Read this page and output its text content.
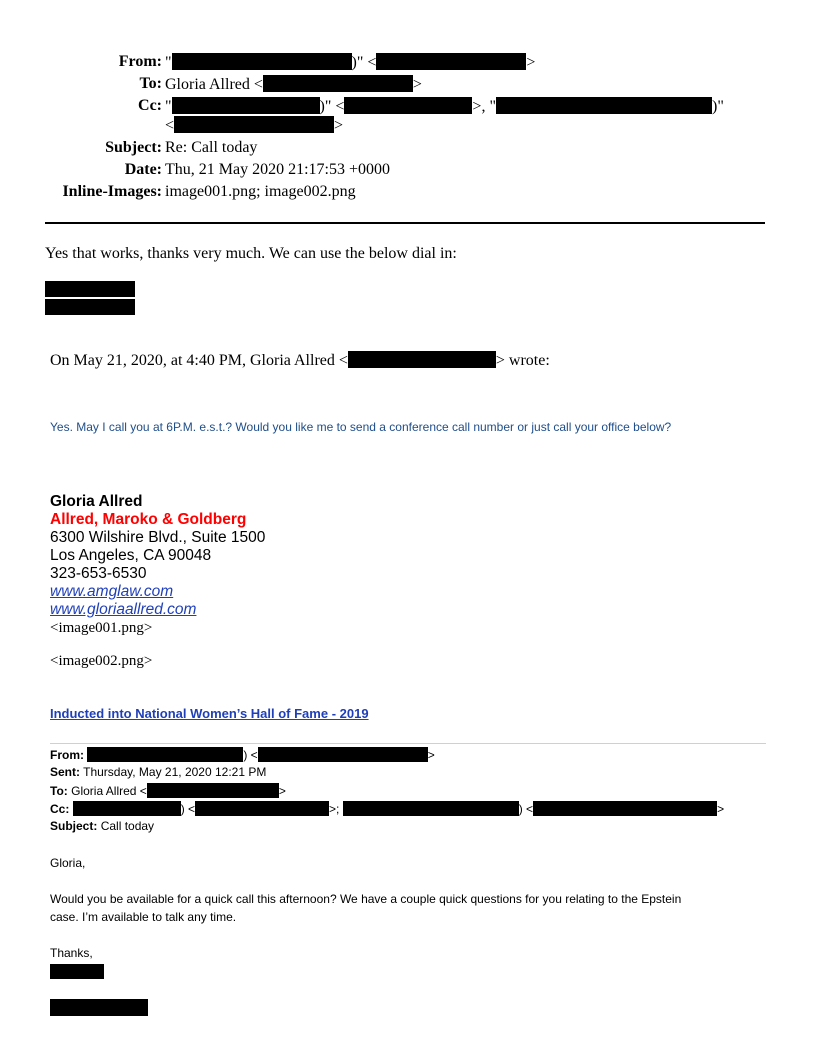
From: "	)" <	>
To: Gloria Allred <	>
Cc: "	)" <	>, "	)"
<	>
Subject: Re: Call today
Date: Thu, 21 May 2020 21:17:53 +0000
Inline-Images: image001.png; image002.png
Yes that works, thanks very much. We can use the below dial in:
On May 21, 2020, at 4:40 PM, Gloria Allred <	> wrote:
Yes. May I call you at 6P.M. e.s.t.? Would you like me to send a conference call number or just call your office below?
Gloria Allred
Allred, Maroko & Goldberg
6300 Wilshire Blvd., Suite 1500
Los Angeles, CA 90048
323-653-6530
www.amglaw.com
www.gloriaallred.com
<image001.png>
<image002.png>
Inducted into National Women’s Hall of Fame - 2019
From:	) <	>
Sent: Thursday, May 21, 2020 12:21 PM
To: Gloria Allred <	>
Cc:	) <	>;	) <	>
Subject: Call today
Gloria,
Would you be available for a quick call this afternoon? We have a couple quick questions for you relating to the Epstein
case. I’m available to talk any time.
Thanks,
